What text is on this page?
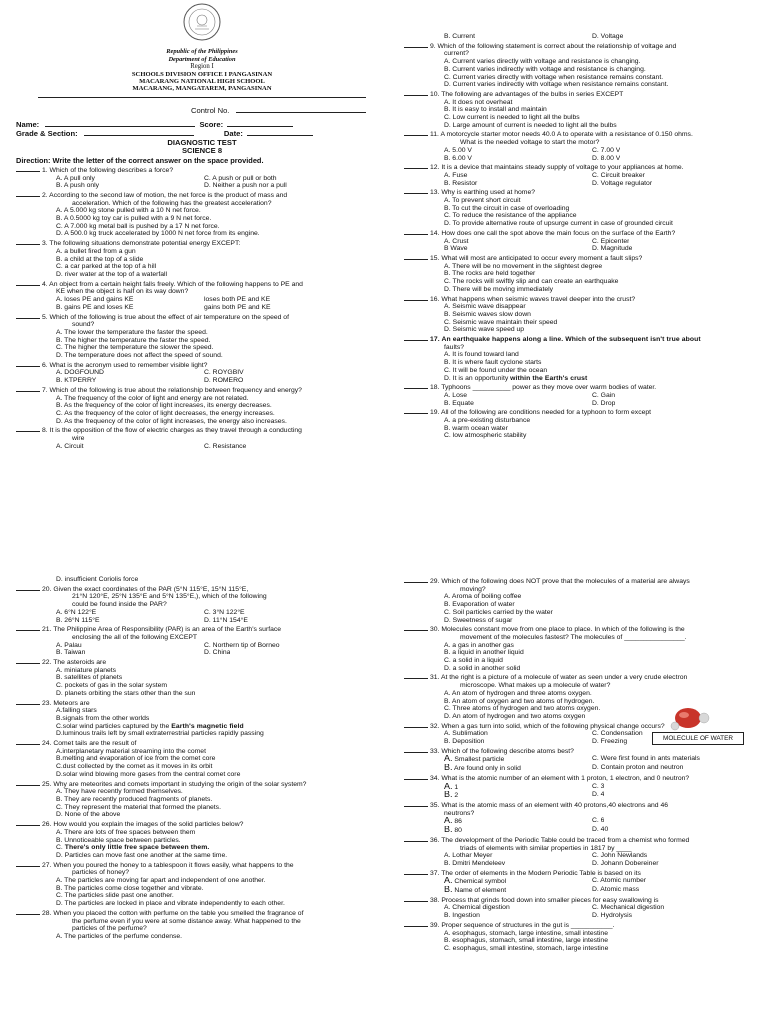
Republic of the Philippines
Department of Education
Region I
SCHOOLS DIVISION OFFICE I PANGASINAN
MACARANG NATIONAL HIGH SCHOOL
MACARANG, MANGATAREM, PANGASINAN
Control No.
Name:	Score:
Grade & Section:	Date:
DIAGNOSTIC TEST
SCIENCE 8
Direction: Write the letter of the correct answer on the space provided.
1. Which of the following describes a force?
A. A pull only	C. A push or pull or both
B. A push only	D. Neither a push nor a pull
2. According to the second law of motion, the net force is the product of mass and
acceleration. Which of the following has the greatest acceleration?
A. A 5.000 kg stone pulled with a 10 N net force.
B. A 0.5000 kg toy car is pulled with a 9 N net force.
C. A 7.000 kg metal ball is pushed by a 17 N net force.
D. A 500.0 kg truck accelerated by 1000 N net force from its engine.
3. The following situations demonstrate potential energy EXCEPT:
A. a bullet fired from a gun
B. a child at the top of a slide
C. a car parked at the top of a hill
D. river water at the top of a waterfall
4. An object from a certain height falls freely. Which of the following happens to PE and
KE when the object is half on its way down?
A. loses PE and gains KE	loses both PE and KE
B. gains PE and loses KE	gains both PE and KE
5. Which of the following is true about the effect of air temperature on the speed of
sound?
A. The lower the temperature the faster the speed.
B. The higher the temperature the faster the speed.
C. The higher the temperature the slower the speed.
D. The temperature does not affect the speed of sound.
6. What is the acronym used to remember visible light?
A. DOGFOUND	C. ROYGBIV
B. KTPERRY	D. ROMERO
7. Which of the following is true about the relationship between frequency and energy?
A. The frequency of the color of light and energy are not related.
B. As the frequency of the color of light increases, its energy decreases.
C. As the frequency of the color of light decreases, the energy increases.
D. As the frequency of the color of light increases, the energy also increases.
8. It is the opposition of the flow of electric charges as they travel through a conducting
wire
A. Circuit	C. Resistance
B. Current	D. Voltage
9. Which of the following statement is correct about the relationship of voltage and
current?
A. Current varies directly with voltage and resistance is changing.
B. Current varies indirectly with voltage and resistance is changing.
C. Current varies directly with voltage when resistance remains constant.
D. Current varies indirectly with voltage when resistance remains constant.
10. The following are advantages of the bulbs in series EXCEPT
A. It does not overheat
B. It is easy to install and maintain
C. Low current is needed to light all the bulbs
D. Large amount of current is needed to light all the bulbs
11. A motorcycle starter motor needs 40.0 A to operate with a resistance of 0.150 ohms.
What is the needed voltage to start the motor?
A. 5.00 V	C. 7.00 V
B. 6.00 V	D. 8.00 V
12. It is a device that maintains steady supply of voltage to your appliances at home.
A. Fuse	C. Circuit breaker
B. Resistor	D. Voltage regulator
13. Why is earthing used at home?
A. To prevent short circuit
B. To cut the circuit in case of overloading
C. To reduce the resistance of the appliance
D. To provide alternative route of upsurge current in case of grounded circuit
14. How does one call the spot above the main focus on the surface of the Earth?
A. Crust	C. Epicenter
B Wave	D. Magnitude
15. What will most are anticipated to occur every moment a fault slips?
A. There will be no movement in the slightest degree
B. The rocks are held together
C. The rocks will swiftly slip and can create an earthquake
D. There will be moving immediately
16. What happens when seismic waves travel deeper into the crust?
A. Seismic wave disappear
B. Seismic waves slow down
C. Seismic wave maintain their speed
D. Seismic wave speed up
17. An earthquake happens along a line. Which of the subsequent isn't true about
faults?
A. It is found toward land
B. It is where fault cyclone starts
C. It will be found under the ocean
D. It is an opportunity within the Earth's crust
18. Typhoons __________ power as they move over warm bodies of water.
A. Lose	C. Gain
B. Equate	D. Drop
19. All of the following are conditions needed for a typhoon to form except
A. a pre-existing disturbance
B. warm ocean water
C. low atmospheric stability
D. insufficient Coriolis force
20. Given the exact coordinates of the PAR (5°N 115°E, 15°N 115°E,
21°N 120°E, 25°N 135°E and 5°N 135°E,), which of the following
could be found inside the PAR?
A. 6°N 122°E	C. 3°N 122°E
B. 26°N 115°E	D. 11°N 154°E
21. The Philippine Area of Responsibility (PAR) is an area of the Earth's surface
enclosing the all of the following EXCEPT
A. Palau	C. Northern tip of Borneo
B. Taiwan	D. China
22. The asteroids are
A. miniature planets
B. satellites of planets
C. pockets of gas in the solar system
D. planets orbiting the stars other than the sun
23. Meteors are
A.falling stars
B.signals from the other worlds
C.solar wind particles captured by the Earth's magnetic field
D.luminous trails left by small extraterrestrial particles rapidly passing
24. Comet tails are the result of
A.interplanetary material streaming into the comet
B.melting and evaporation of ice from the comet core
C.dust collected by the comet as it moves in its orbit
D.solar wind blowing more gases from the central comet core
25. Why are meteorites and comets important in studying the origin of the solar system?
A. They have recently formed themselves.
B. They are recently produced fragments of planets.
C. They represent the material that formed the planets.
D. None of the above
26. How would you explain the images of the solid particles below?
A. There are lots of free spaces between them
B. Unnoticeable space between particles.
C. There's only little free space between them.
D. Particles can move fast one another at the same time.
27. When you poured the honey to a tablespoon it flows easily, what happens to the
particles of honey?
A. The particles are moving far apart and independent of one another.
B. The particles come close together and vibrate.
C. The particles slide past one another.
D. The particles are locked in place and vibrate independently to each other.
28. When you placed the cotton with perfume on the table you smelled the fragrance of
the perfume even if you were at some distance away. What happened to the
particles of the perfume?
A. The particles of the perfume condense.
29. Which of the following does NOT prove that the molecules of a material are always
moving?
A. Aroma of boiling coffee
B. Evaporation of water
C. Soil particles carried by the water
D. Sweetness of sugar
30. Molecules constant move from one place to place. In which of the following is the
movement of the molecules fastest? The molecules of ________________.
A. a gas in another gas
B. a liquid in another liquid
C. a solid in a liquid
D. a solid in another solid
31. At the right is a picture of a molecule of water as seen under a very crude electron
microscope. What makes up a molecule of water?
A. An atom of hydrogen and three atoms oxygen.
B. An atom of oxygen and two atoms of hydrogen.
C. Three atoms of hydrogen and two atoms oxygen.
D. An atom of hydrogen and two atoms oxygen
32. When a gas turn into solid, which of the following physical change occurs?
A. Sublimation	C. Condensation
B. Deposition	D. Freezing
33. Which of the following describe atoms best?
A. Smallest particle	C. Were first found in ants materials
B. Are found only in solid	D. Contain proton and neutron
34. What is the atomic number of an element with 1 proton, 1 electron, and 0 neutron?
A. 1	C. 3
B. 2	D. 4
35. What is the atomic mass of an element with 40 protons,40 electrons and 46
neutrons?
A. 86	C. 6
B. 80	D. 40
36. The development of the Periodic Table could be traced from a chemist who formed
triads of elements with similar properties in 1817 by ____
A. Lothar Meyer	C. John Newlands
B. Dmitri Mendeleev	D. Johann Dobereiner
37. The order of elements in the Modern Periodic Table is based on its
A. Chemical symbol	C. Atomic number
B. Name of element	D. Atomic mass
38. Process that grinds food down into smaller pieces for easy swallowing is
A. Chemical digestion	C. Mechanical digestion
B. Ingestion	D. Hydrolysis
39. Proper sequence of structures in the gut is ___________.
A. esophagus, stomach, large intestine, small intestine
B. esophagus, stomach, small intestine, large intestine
C. esophagus, small intestine, stomach, large intestine
MOLECULE OF WATER
